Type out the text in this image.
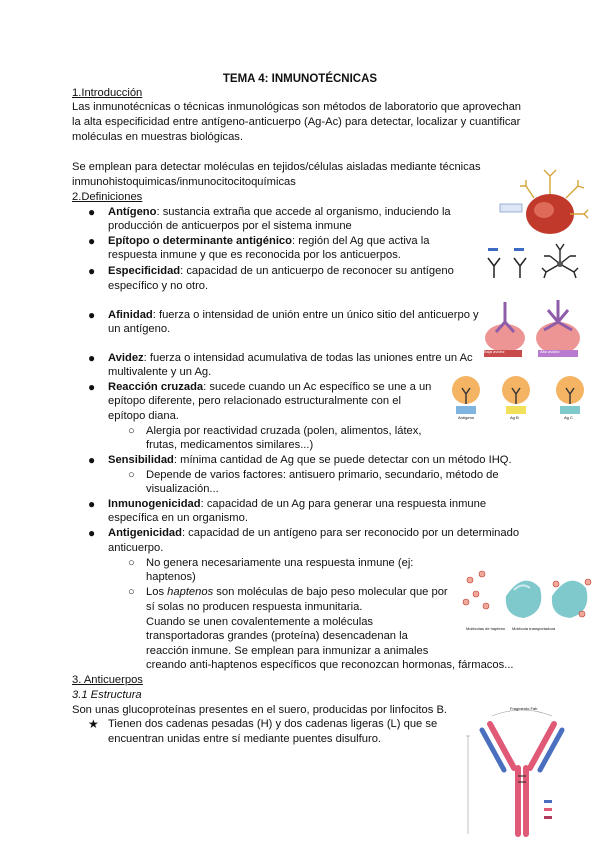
TEMA 4: INMUNOTÉCNICAS
1.Introducción
Las inmunotécnicas o técnicas inmunológicas son métodos de laboratorio que aprovechan
la alta especificidad entre antígeno-anticuerpo (Ag-Ac) para detectar, localizar y cuantificar
moléculas en muestras biológicas.
Se emplean para detectar moléculas en tejidos/células aisladas mediante técnicas
inmunohistoquimicas/inmunocitocitoquímicas
2.Definiciones
● Antígeno: sustancia extraña que accede al organismo, induciendo la
producción de anticuerpos por el sistema inmune
● Epítopo o determinante antigénico: región del Ag que activa la
respuesta inmune y que es reconocida por los anticuerpos.
● Especificidad: capacidad de un anticuerpo de reconocer su antígeno
específico y no otro.
● Afinidad: fuerza o intensidad de unión entre un único sitio del anticuerpo y
un antígeno.
● Avidez: fuerza o intensidad acumulativa de todas las uniones entre un Ac
multivalente y un Ag.
● Reacción cruzada: sucede cuando un Ac específico se une a un
epítopo diferente, pero relacionado estructuralmente con el
epítopo diana.
○ Alergia por reactividad cruzada (polen, alimentos, látex,
frutas, medicamentos similares...)
● Sensibilidad: mínima cantidad de Ag que se puede detectar con un método IHQ.
○ Depende de varios factores: antisuero primario, secundario, método de
visualización...
● Inmunogenicidad: capacidad de un Ag para generar una respuesta inmune
específica en un organismo.
● Antigenicidad: capacidad de un antígeno para ser reconocido por un determinado
anticuerpo.
○ No genera necesariamente una respuesta inmune (ej:
haptenos)
○ Los haptenos son moléculas de bajo peso molecular que por
sí solas no producen respuesta inmunitaria.
Cuando se unen covalentemente a moléculas
transportadoras grandes (proteína) desencadenan la
reacción inmune. Se emplean para inmunizar a animales
creando anti-haptenos específicos que reconozcan hormonas, fármacos...
3. Anticuerpos
3.1 Estructura
Son unas glucoproteínas presentes en el suero, producidas por linfocitos B.
★ Tienen dos cadenas pesadas (H) y dos cadenas ligeras (L) que se
encuentran unidas entre sí mediante puentes disulfuro.
Baja avidez	Alta avidez
Antígeno	Ag B	Ag C
Moléculas de hapteno Molécula transportadora
Fragmento Fab
